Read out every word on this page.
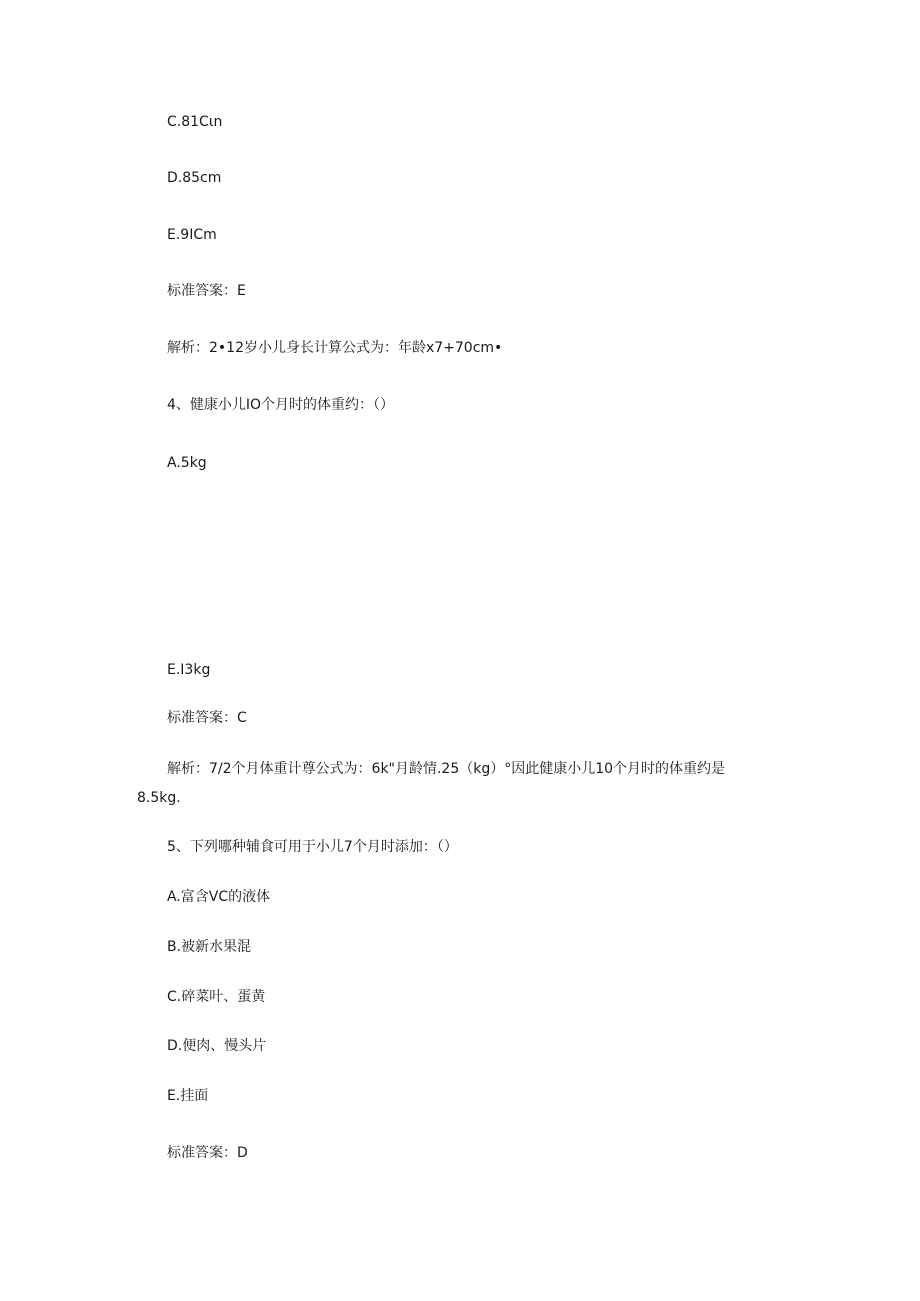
C.81Cιn
D.85cm
E.9ICm
标准答案：E
解析：2•12岁小儿身长计算公式为：年龄x7+70cm•
4、健康小儿IO个月时的体重约：（）
A.5kg
E.I3kg
标准答案：C
解析：7/2个月体重计尊公式为：6k"月龄情.25（kg）°因此健康小儿10个月时的体重约是
8.5kg.
5、下列哪种辅食可用于小儿7个月时添加：（）
A.富含VC的液体
B.被新水果混
C.碎菜叶、蛋黄
D.便肉、慢头片
E.挂面
标准答案：D
